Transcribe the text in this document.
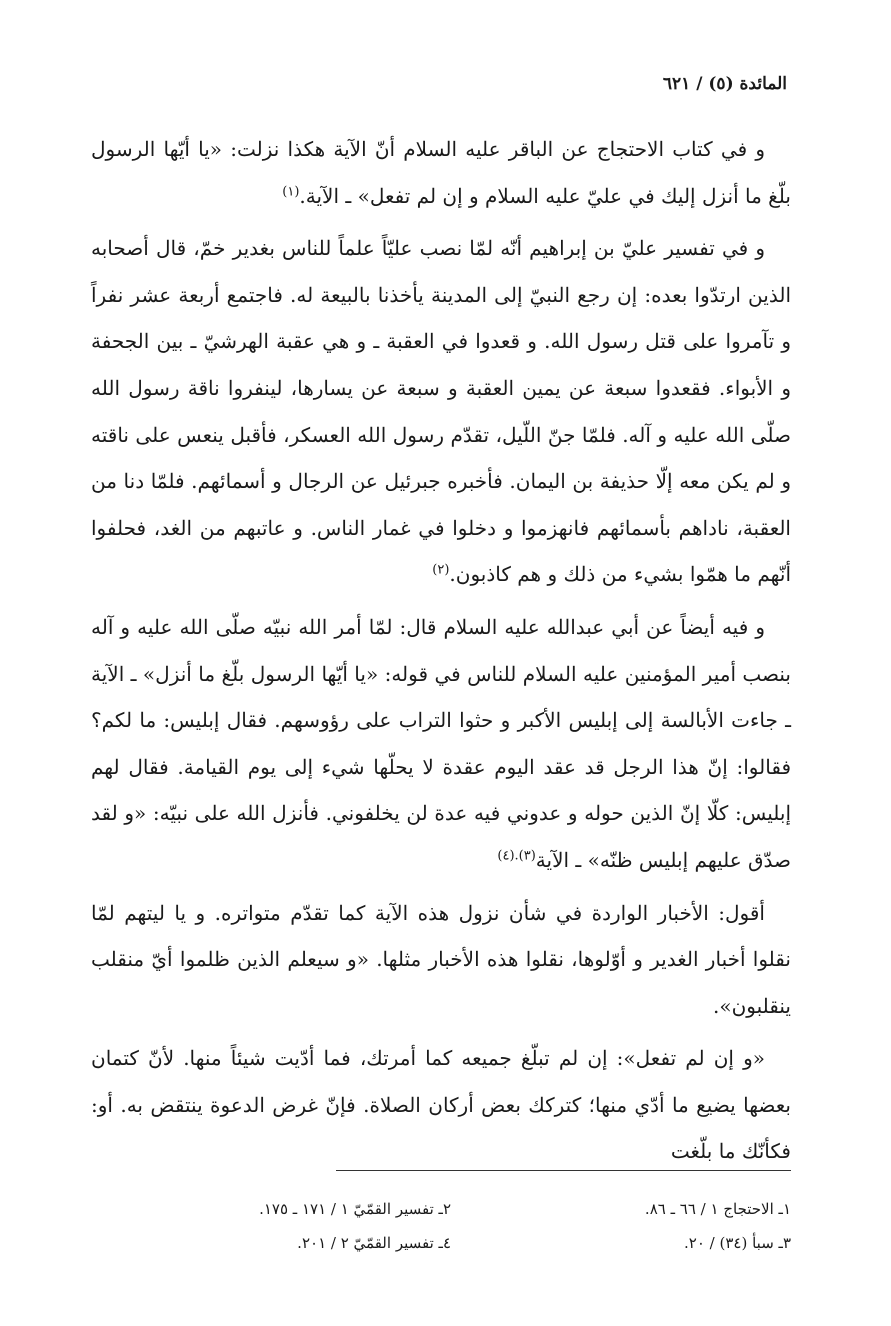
المائدة (٥) / ٦٢١

و في كتاب الاحتجاج عن الباقر عليه السلام أنّ الآية هكذا نزلت: «يا أيّها الرسول بلّغ ما أنزل إليك في عليّ عليه السلام و إن لم تفعل» ـ الآية.$^{(١)}$

و في تفسير عليّ بن إبراهيم أنّه لمّا نصب عليّاً علماً للناس بغدير خمّ، قال أصحابه الذين ارتدّوا بعده: إن رجع النبيّ إلى المدينة يأخذنا بالبيعة له. فاجتمع أربعة عشر نفراً و تآمروا على قتل رسول الله. و قعدوا في العقبة ـ و هي عقبة الهرشيّ ـ بين الجحفة و الأبواء. فقعدوا سبعة عن يمين العقبة و سبعة عن يسارها، لينفروا ناقة رسول الله صلّى الله عليه و آله. فلمّا جنّ اللّيل، تقدّم رسول الله العسكر، فأقبل ينعس على ناقته و لم يكن معه إلّا حذيفة بن اليمان. فأخبره جبرئيل عن الرجال و أسمائهم. فلمّا دنا من العقبة، ناداهم بأسمائهم فانهزموا و دخلوا في غمار الناس. و عاتبهم من الغد، فحلفوا أنّهم ما همّوا بشيء من ذلك و هم كاذبون.$^{(٢)}$

و فيه أيضاً عن أبي عبدالله عليه السلام قال: لمّا أمر الله نبيّه صلّى الله عليه و آله بنصب أمير المؤمنين عليه السلام للناس في قوله: «يا أيّها الرسول بلّغ ما أنزل» ـ الآية ـ جاءت الأبالسة إلى إبليس الأكبر و حثوا التراب على رؤوسهم. فقال إبليس: ما لكم؟ فقالوا: إنّ هذا الرجل قد عقد اليوم عقدة لا يحلّها شيء إلى يوم القيامة. فقال لهم إبليس: كلّا إنّ الذين حوله و عدوني فيه عدة لن يخلفوني. فأنزل الله على نبيّه: «و لقد صدّق عليهم إبليس ظنّه» ـ الآية$^{(٣).(٤)}$

أقول: الأخبار الواردة في شأن نزول هذه الآية كما تقدّم متواتره. و يا ليتهم لمّا نقلوا أخبار الغدير و أوّلوها، نقلوا هذه الأخبار مثلها. «و سيعلم الذين ظلموا أيّ منقلب ينقلبون».

«و إن لم تفعل»: إن لم تبلّغ جميعه كما أمرتك، فما أدّيت شيئاً منها. لأنّ كتمان بعضها يضيع ما أدّي منها؛ كتركك بعض أركان الصلاة. فإنّ غرض الدعوة ينتقض به. أو: فكأنّك ما بلّغت

١ـ الاحتجاج ١ / ٦٦ ـ ٨٦.
٢ـ تفسير القمّيّ ١ / ١٧١ ـ ١٧٥.
٣ـ سبأ (٣٤) / ٢٠.
٤ـ تفسير القمّيّ ٢ / ٢٠١.
